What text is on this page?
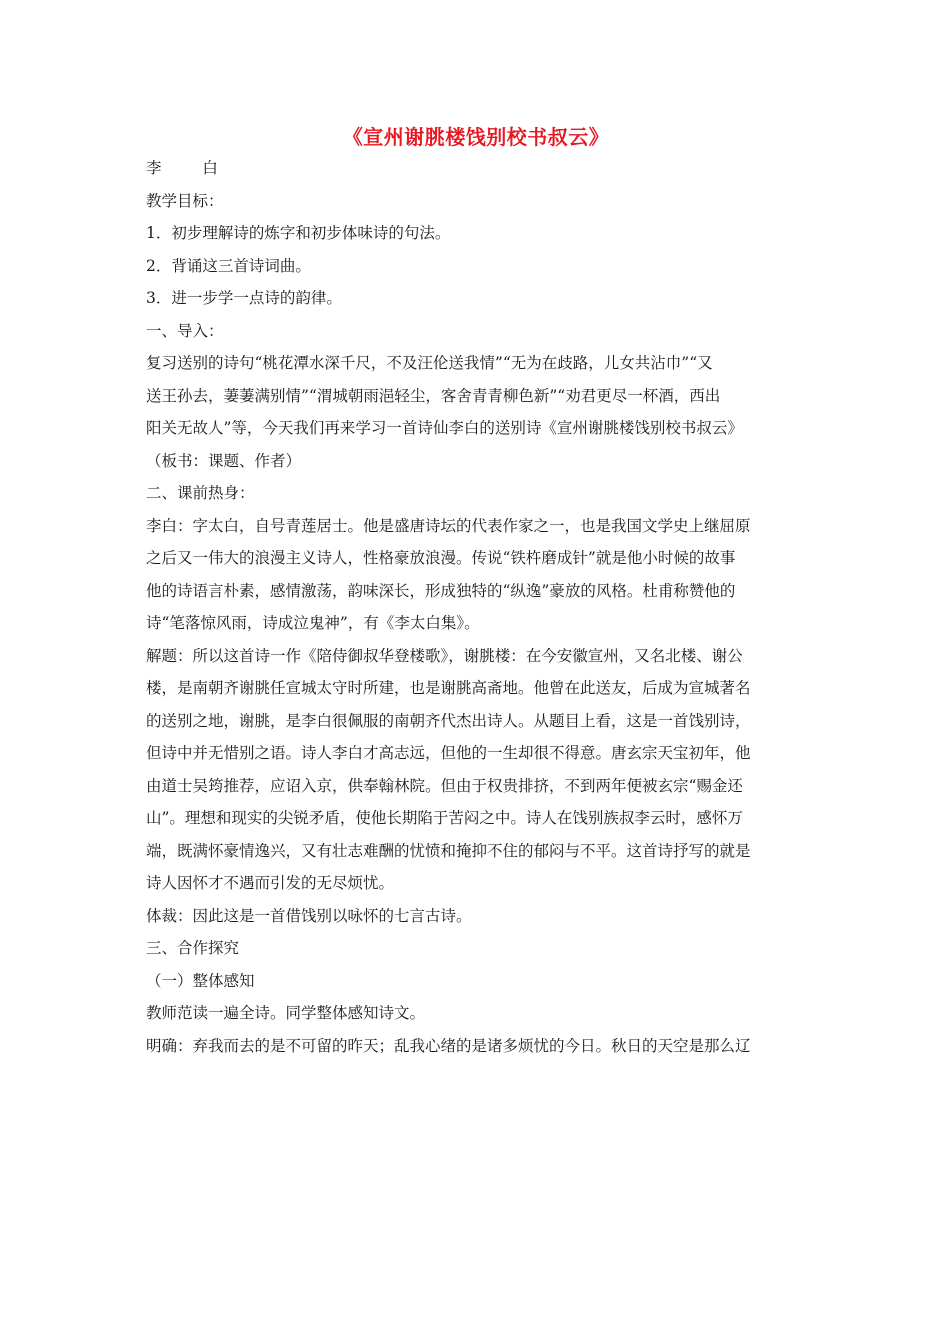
《宣州谢朓楼饯别校书叔云》

李 白

教学目标：

1．初步理解诗的炼字和初步体味诗的句法。

2．背诵这三首诗词曲。

3．进一步学一点诗的韵律。

一、导入：

复习送别的诗句“桃花潭水深千尺，不及汪伦送我情”“无为在歧路，儿女共沾巾”“又

送王孙去，萋萋满别情”“渭城朝雨浥轻尘，客舍青青柳色新”“劝君更尽一杯酒，西出

阳关无故人”等，今天我们再来学习一首诗仙李白的送别诗《宣州谢朓楼饯别校书叔云》

（板书：课题、作者）

二、课前热身：

李白：字太白，自号青莲居士。他是盛唐诗坛的代表作家之一，也是我国文学史上继屈原

之后又一伟大的浪漫主义诗人，性格豪放浪漫。传说“铁杵磨成针”就是他小时候的故事

他的诗语言朴素，感情激荡，韵味深长，形成独特的“纵逸”豪放的风格。杜甫称赞他的

诗“笔落惊风雨，诗成泣鬼神”，有《李太白集》。

解题：所以这首诗一作《陪侍御叔华登楼歌》，谢朓楼：在今安徽宣州，又名北楼、谢公

楼，是南朝齐谢朓任宣城太守时所建，也是谢朓高斋地。他曾在此送友，后成为宣城著名

的送别之地，谢朓，是李白很佩服的南朝齐代杰出诗人。从题目上看，这是一首饯别诗，

但诗中并无惜别之语。诗人李白才高志远，但他的一生却很不得意。唐玄宗天宝初年，他

由道士吴筠推荐，应诏入京，供奉翰林院。但由于权贵排挤，不到两年便被玄宗“赐金还

山”。理想和现实的尖锐矛盾，使他长期陷于苦闷之中。诗人在饯别族叔李云时，感怀万

端，既满怀豪情逸兴，又有壮志难酬的忧愤和掩抑不住的郁闷与不平。这首诗抒写的就是

诗人因怀才不遇而引发的无尽烦忧。

体裁：因此这是一首借饯别以咏怀的七言古诗。

三、合作探究

（一）整体感知

教师范读一遍全诗。同学整体感知诗文。

明确：弃我而去的是不可留的昨天；乱我心绪的是诸多烦忧的今日。秋日的天空是那么辽
